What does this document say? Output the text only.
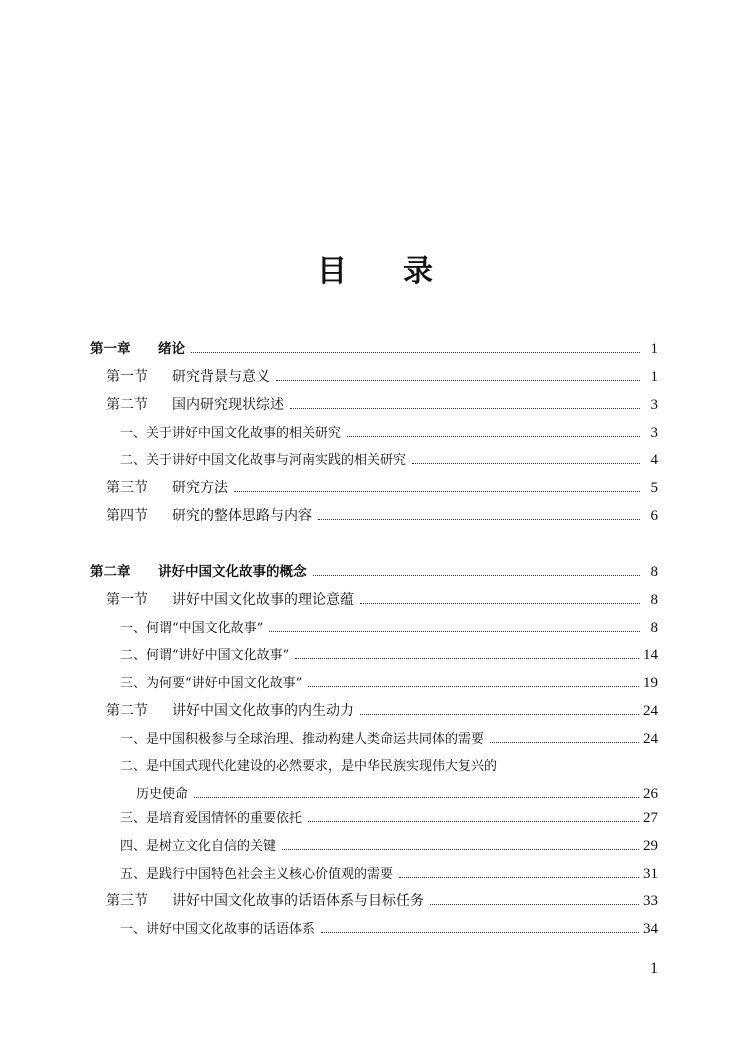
目 录
第一章 绪论	1
第一节 研究背景与意义	1
第二节 国内研究现状综述	3
一、关于讲好中国文化故事的相关研究	3
二、关于讲好中国文化故事与河南实践的相关研究	4
第三节 研究方法	5
第四节 研究的整体思路与内容	6
第二章 讲好中国文化故事的概念	8
第一节 讲好中国文化故事的理论意蕴	8
一、何谓“中国文化故事”	8
二、何谓“讲好中国文化故事”	14
三、为何要“讲好中国文化故事”	19
第二节 讲好中国文化故事的内生动力	24
一、是中国积极参与全球治理、推动构建人类命运共同体的需要	24
二、是中国式现代化建设的必然要求，是中华民族实现伟大复兴的
历史使命	26
三、是培育爱国情怀的重要依托	27
四、是树立文化自信的关键	29
五、是践行中国特色社会主义核心价值观的需要	31
第三节 讲好中国文化故事的话语体系与目标任务	33
一、讲好中国文化故事的话语体系	34
1
